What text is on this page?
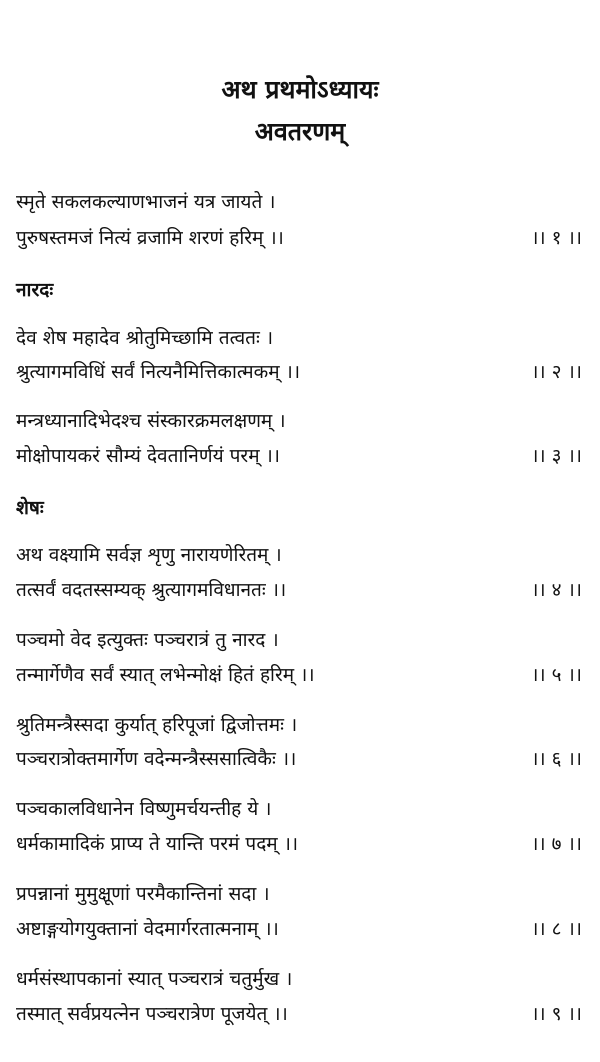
अथ प्रथमोऽध्यायः
अवतरणम्
स्मृते सकलकल्याणभाजनं यत्र जायते ।
पुरुषस्तमजं नित्यं व्रजामि शरणं हरिम् ।।	।। १ ।।
नारदः
देव शेष महादेव श्रोतुमिच्छामि तत्वतः ।
श्रुत्यागमविधिं सर्वं नित्यनैमित्तिकात्मकम् ।।	।। २ ।।
मन्त्रध्यानादिभेदश्च संस्कारक्रमलक्षणम् ।
मोक्षोपायकरं सौम्यं देवतानिर्णयं परम् ।।	।। ३ ।।
शेषः
अथ वक्ष्यामि सर्वज्ञ शृणु नारायणेरितम् ।
तत्सर्वं वदतस्सम्यक् श्रुत्यागमविधानतः ।।	।। ४ ।।
पञ्चमो वेद इत्युक्तः पञ्चरात्रं तु नारद ।
तन्मार्गेणैव सर्वं स्यात् लभेन्मोक्षं हितं हरिम् ।।	।। ५ ।।
श्रुतिमन्त्रैस्सदा कुर्यात् हरिपूजां द्विजोत्तमः ।
पञ्चरात्रोक्तमार्गेण वदेन्मन्त्रैस्ससात्विकैः ।।	।। ६ ।।
पञ्चकालविधानेन विष्णुमर्चयन्तीह ये ।
धर्मकामादिकं प्राप्य ते यान्ति परमं पदम् ।।	।। ७ ।।
प्रपन्नानां मुमुक्षूणां परमैकान्तिनां सदा ।
अष्टाङ्गयोगयुक्तानां वेदमार्गरतात्मनाम् ।।	।। ८ ।।
धर्मसंस्थापकानां स्यात् पञ्चरात्रं चतुर्मुख ।
तस्मात् सर्वप्रयत्नेन पञ्चरात्रेण पूजयेत् ।।	।। ९ ।।
